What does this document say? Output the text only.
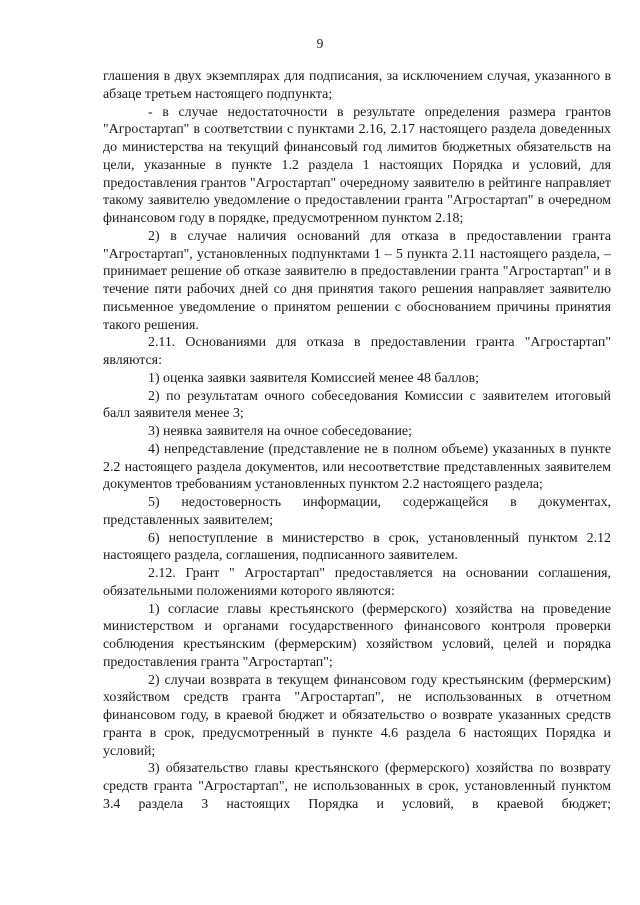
9

глашения в двух экземплярах для подписания, за исключением случая, указанного в абзаце третьем настоящего подпункта;

- в случае недостаточности в результате определения размера грантов "Агростартап" в соответствии с пунктами 2.16, 2.17 настоящего раздела доведенных до министерства на текущий финансовый год лимитов бюджетных обязательств на цели, указанные в пункте 1.2 раздела 1 настоящих Порядка и условий, для предоставления грантов "Агростартап" очередному заявителю в рейтинге направляет такому заявителю уведомление о предоставлении гранта "Агростартап" в очередном финансовом году в порядке, предусмотренном пунктом 2.18;

2) в случае наличия оснований для отказа в предоставлении гранта "Агростартап", установленных подпунктами 1 – 5 пункта 2.11 настоящего раздела, – принимает решение об отказе заявителю в предоставлении гранта "Агростартап" и в течение пяти рабочих дней со дня принятия такого решения направляет заявителю письменное уведомление о принятом решении с обоснованием причины принятия такого решения.

2.11. Основаниями для отказа в предоставлении гранта "Агростартап" являются:

1) оценка заявки заявителя Комиссией менее 48 баллов;

2) по результатам очного собеседования Комиссии с заявителем итоговый балл заявителя менее 3;

3) неявка заявителя на очное собеседование;

4) непредставление (представление не в полном объеме) указанных в пункте 2.2 настоящего раздела документов, или несоответствие представленных заявителем документов требованиям установленных пунктом 2.2 настоящего раздела;

5) недостоверность информации, содержащейся в документах, представленных заявителем;

6) непоступление в министерство в срок, установленный пунктом 2.12 настоящего раздела, соглашения, подписанного заявителем.

2.12. Грант " Агростартап" предоставляется на основании соглашения, обязательными положениями которого являются:

1) согласие главы крестьянского (фермерского) хозяйства на проведение министерством и органами государственного финансового контроля проверки соблюдения крестьянским (фермерским) хозяйством условий, целей и порядка предоставления гранта "Агростартап";

2) случаи возврата в текущем финансовом году крестьянским (фермерским) хозяйством средств гранта "Агростартап", не использованных в отчетном финансовом году, в краевой бюджет и обязательство о возврате указанных средств гранта в срок, предусмотренный в пункте 4.6 раздела 6 настоящих Порядка и условий;

3) обязательство главы крестьянского (фермерского) хозяйства по возврату средств гранта "Агростартап", не использованных в срок, установленный пунктом 3.4 раздела 3 настоящих Порядка и условий, в краевой бюджет;
